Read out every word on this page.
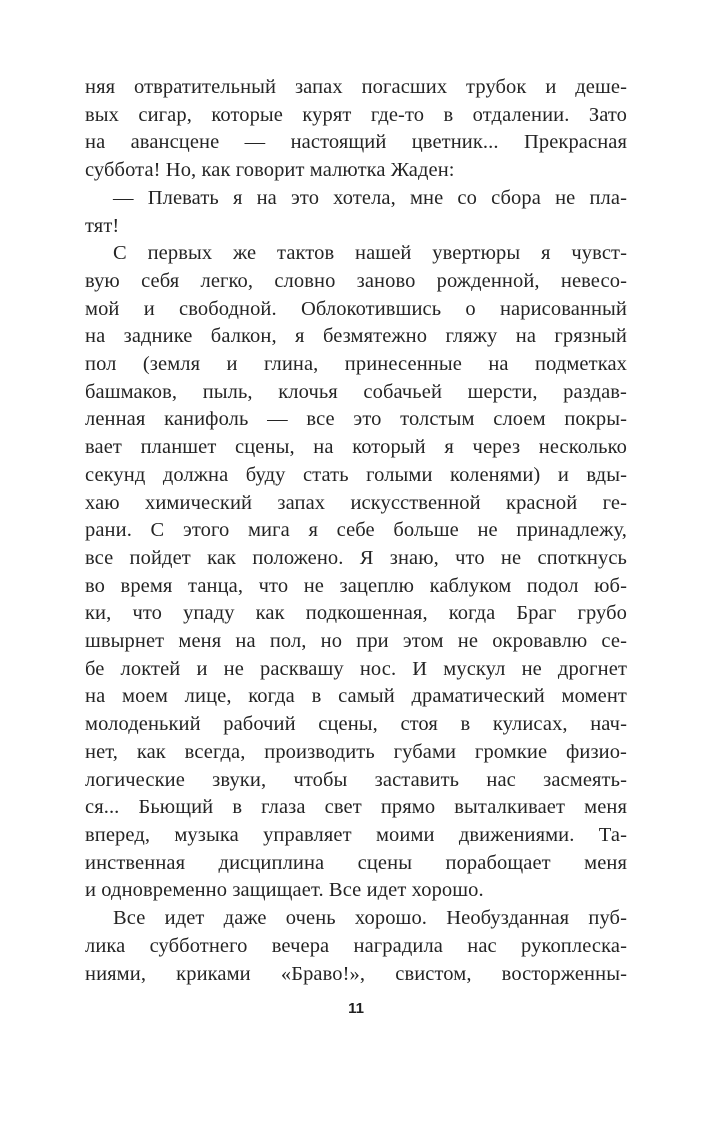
няя отвратительный запах погасших трубок и деше-
вых сигар, которые курят где-то в отдалении. Зато
на авансцене — настоящий цветник... Прекрасная
суббота! Но, как говорит малютка Жаден:
— Плевать я на это хотела, мне со сбора не пла-
тят!
С первых же тактов нашей увертюры я чувст-
вую себя легко, словно заново рожденной, невесо-
мой и свободной. Облокотившись о нарисованный
на заднике балкон, я безмятежно гляжу на грязный
пол (земля и глина, принесенные на подметках
башмаков, пыль, клочья собачьей шерсти, раздав-
ленная канифоль — все это толстым слоем покры-
вает планшет сцены, на который я через несколько
секунд должна буду стать голыми коленями) и вды-
хаю химический запах искусственной красной ге-
рани. С этого мига я себе больше не принадлежу,
все пойдет как положено. Я знаю, что не споткнусь
во время танца, что не зацеплю каблуком подол юб-
ки, что упаду как подкошенная, когда Браг грубо
швырнет меня на пол, но при этом не окровавлю се-
бе локтей и не расквашу нос. И мускул не дрогнет
на моем лице, когда в самый драматический момент
молоденький рабочий сцены, стоя в кулисах, нач-
нет, как всегда, производить губами громкие физио-
логические звуки, чтобы заставить нас засмеять-
ся... Бьющий в глаза свет прямо выталкивает меня
вперед, музыка управляет моими движениями. Та-
инственная дисциплина сцены порабощает меня
и одновременно защищает. Все идет хорошо.
Все идет даже очень хорошо. Необузданная пуб-
лика субботнего вечера наградила нас рукоплеска-
ниями, криками «Браво!», свистом, восторженны-
11
